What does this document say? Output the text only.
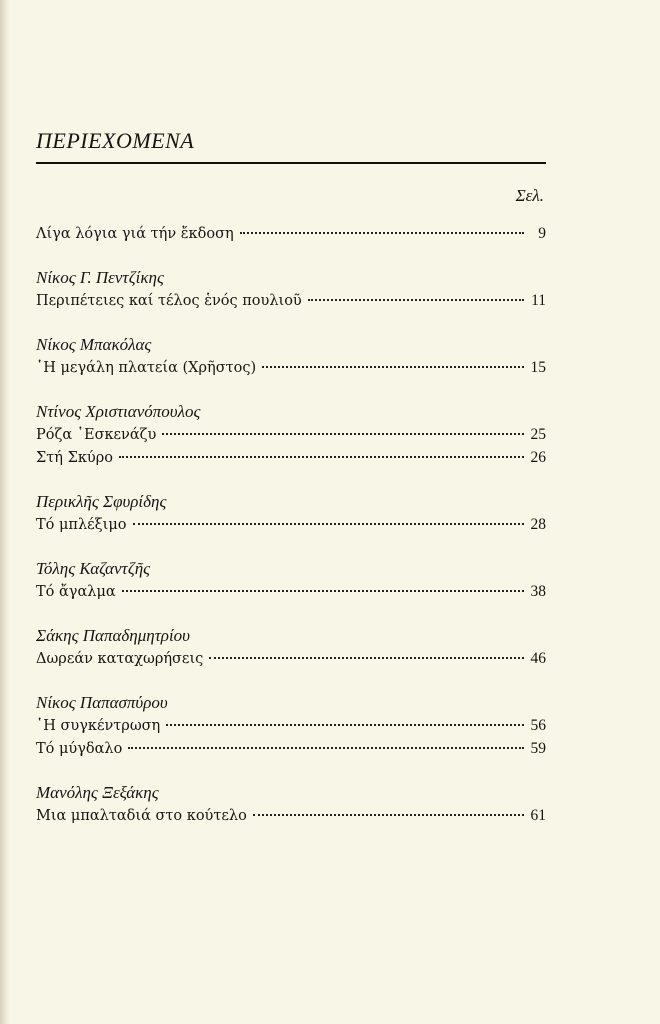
ΠΕΡΙΕΧΟΜΕΝΑ
Σελ.
Λίγα λόγια γιά τήν ἔκδοση	9
Νίκος Γ. Πεντζίκης
Περιπέτειες καί τέλος ἑνός πουλιοῦ	11
Νίκος Μπακόλας
῾Η μεγάλη πλατεία (Χρῆστος)	15
Ντίνος Χριστιανόπουλος
Ρόζα ῾Εσκενάζυ	25
Στή Σκύρο	26
Περικλῆς Σφυρίδης
Τό μπλέξιμο	28
Τόλης Καζαντζῆς
Τό ἄγαλμα	38
Σάκης Παπαδημητρίου
Δωρεάν καταχωρήσεις	46
Νίκος Παπασπύρου
῾Η συγκέντρωση	56
Τό μύγδαλο	59
Μανόλης Ξεξάκης
Μια μπαλταδιά στο κούτελο	61
